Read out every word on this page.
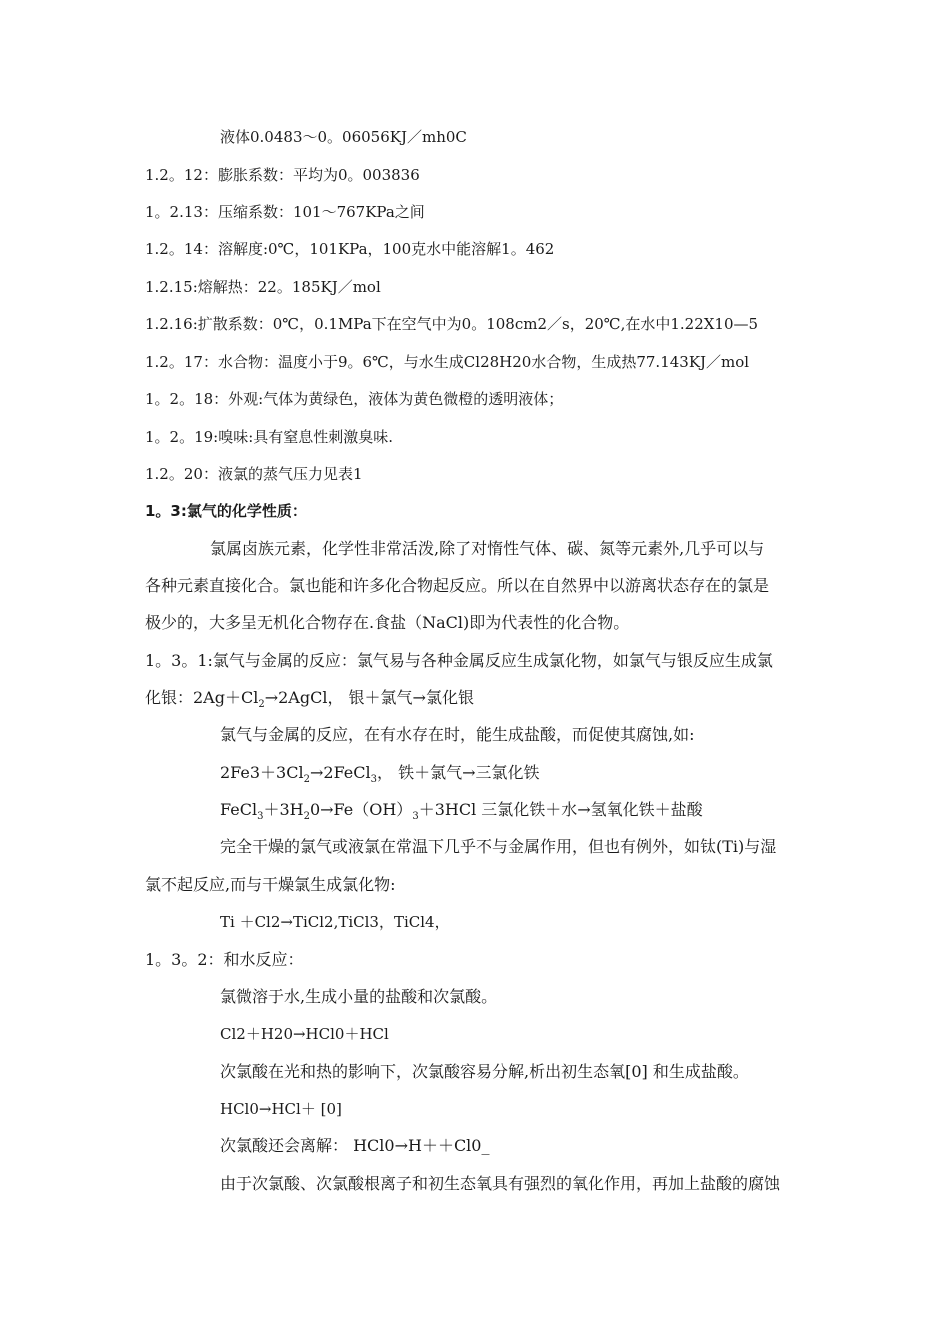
液体0.0483～0。06056KJ／mh0C
1.2。12：膨胀系数：平均为0。003836
1。2.13：压缩系数：101～767KPa之间
1.2。14：溶解度:0℃，101KPa，100克水中能溶解1。462
1.2.15:熔解热：22。185KJ／mol
1.2.16:扩散系数：0℃，0.1MPa下在空气中为0。108cm2／s，20℃,在水中1.22X10—5
1.2。17：水合物：温度小于9。6℃，与水生成Cl28H20水合物，生成热77.143KJ／mol
1。2。18：外观:气体为黄绿色，液体为黄色微橙的透明液体；
1。2。19:嗅味:具有窒息性刺激臭味.
1.2。20：液氯的蒸气压力见表1
1。3:氯气的化学性质：
氯属卤族元素，化学性非常活泼,除了对惰性气体、碳、氮等元素外,几乎可以与
各种元素直接化合。氯也能和许多化合物起反应。所以在自然界中以游离状态存在的氯是
极少的，大多呈无机化合物存在.食盐（NaCl)即为代表性的化合物。
1。3。1:氯气与金属的反应：氯气易与各种金属反应生成氯化物，如氯气与银反应生成氯
化银：$2Ag+Cl_2\to 2AgCl$， 银＋氯气→氯化银
氯气与金属的反应，在有水存在时，能生成盐酸，而促使其腐蚀,如:
$2Fe3+3Cl_2\to 2FeCl_3$， 铁＋氯气→三氯化铁
$FeCl_3+3H_20\to Fe(OH)_3+3HCl$ 三氯化铁＋水→氢氧化铁＋盐酸
完全干燥的氯气或液氯在常温下几乎不与金属作用，但也有例外，如钛(Ti)与湿
氯不起反应,而与干燥氯生成氯化物:
Ti ＋Cl2→TiCl2,TiCl3，TiCl4，
1。3。2：和水反应：
氯微溶于水,生成小量的盐酸和次氯酸。
Cl2＋H20→HCl0＋HCl
次氯酸在光和热的影响下，次氯酸容易分解,析出初生态氧[0] 和生成盐酸。
HCl0→HCl＋ [0]
次氯酸还会离解： HCl0→H＋＋Cl0_
由于次氯酸、次氯酸根离子和初生态氧具有强烈的氧化作用，再加上盐酸的腐蚀
